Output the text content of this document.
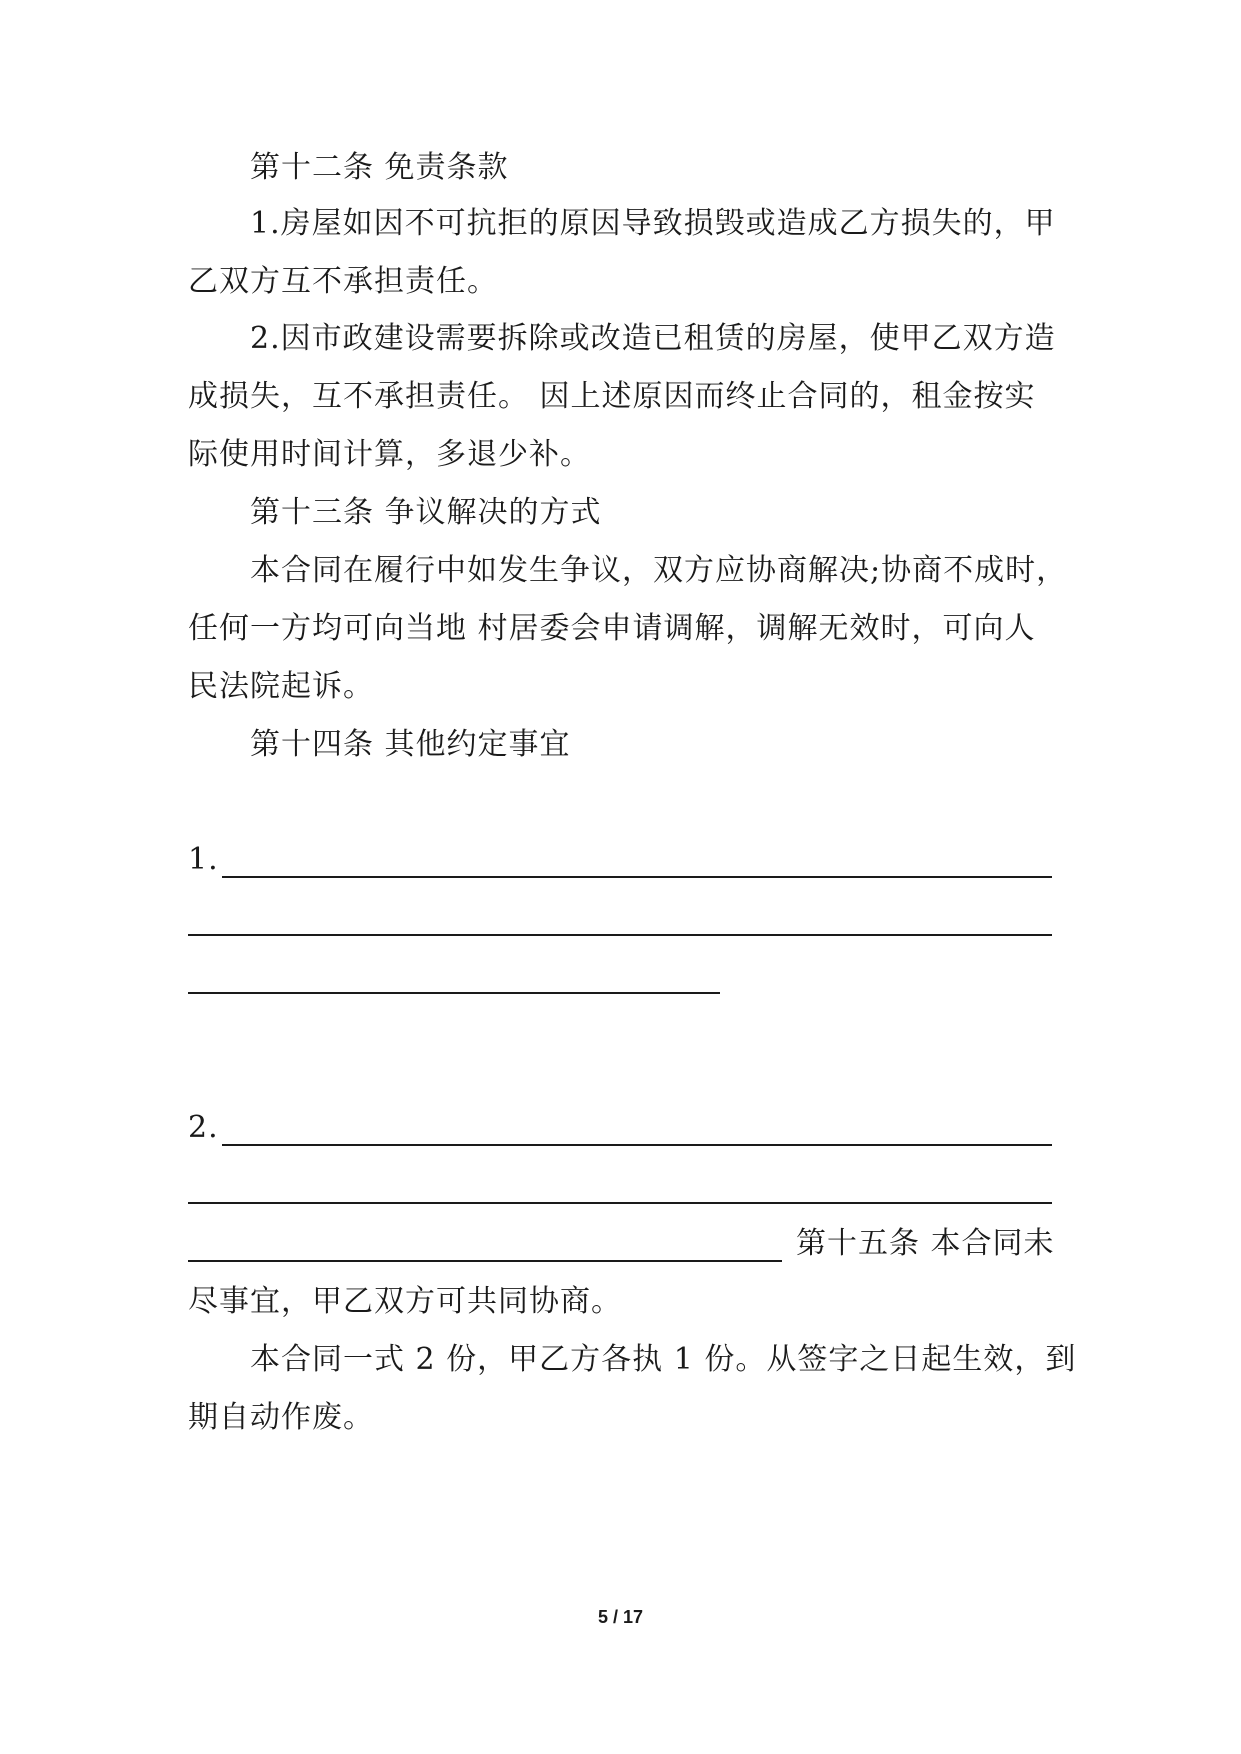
第十二条 免责条款
1.房屋如因不可抗拒的原因导致损毁或造成乙方损失的，甲
乙双方互不承担责任。
2.因市政建设需要拆除或改造已租赁的房屋，使甲乙双方造
成损失，互不承担责任。 因上述原因而终止合同的，租金按实
际使用时间计算，多退少补。
第十三条 争议解决的方式
本合同在履行中如发生争议，双方应协商解决;协商不成时，
任何一方均可向当地 村居委会申请调解，调解无效时，可向人
民法院起诉。
第十四条 其他约定事宜
1.
2.
第十五条 本合同未
尽事宜，甲乙双方可共同协商。
本合同一式 2 份，甲乙方各执 1 份。从签字之日起生效，到
期自动作废。
5 / 17
